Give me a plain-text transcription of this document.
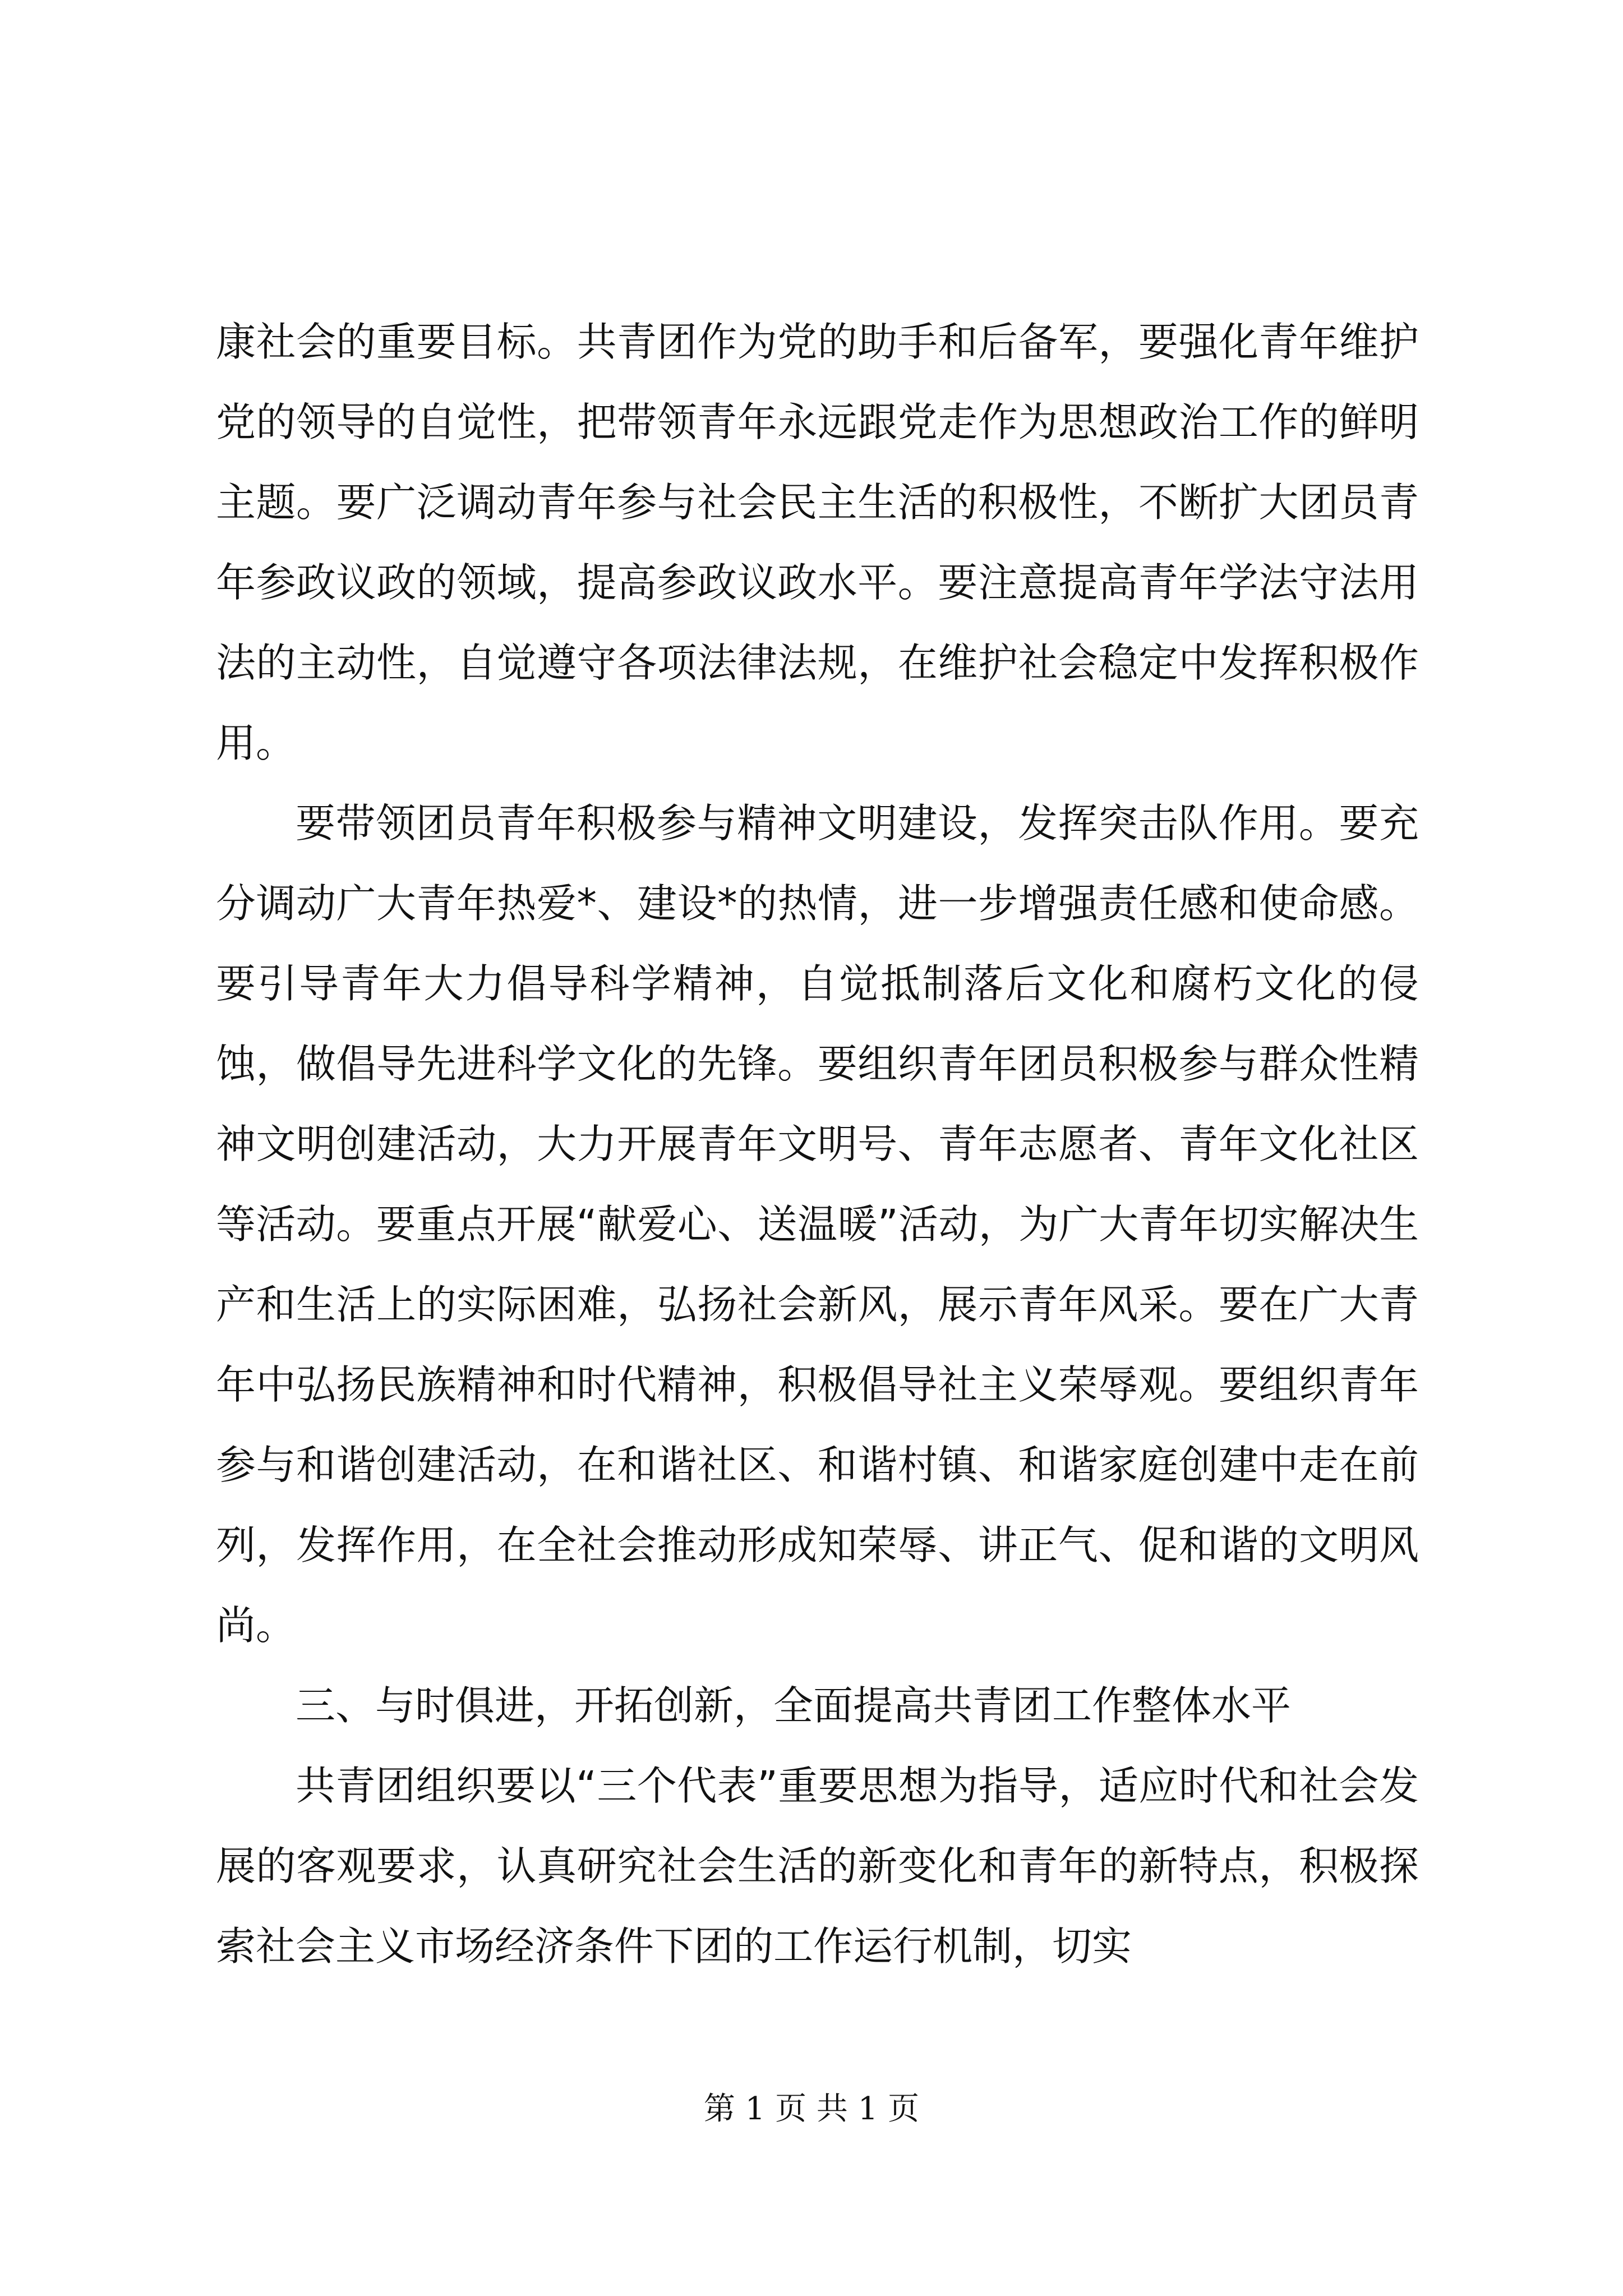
康社会的重要目标。共青团作为党的助手和后备军，要强化青年维护党的领导的自觉性，把带领青年永远跟党走作为思想政治工作的鲜明主题。要广泛调动青年参与社会民主生活的积极性，不断扩大团员青年参政议政的领域，提高参政议政水平。要注意提高青年学法守法用法的主动性，自觉遵守各项法律法规，在维护社会稳定中发挥积极作用。

要带领团员青年积极参与精神文明建设，发挥突击队作用。要充分调动广大青年热爱*、建设*的热情，进一步增强责任感和使命感。要引导青年大力倡导科学精神，自觉抵制落后文化和腐朽文化的侵蚀，做倡导先进科学文化的先锋。要组织青年团员积极参与群众性精神文明创建活动，大力开展青年文明号、青年志愿者、青年文化社区等活动。要重点开展“献爱心、送温暖”活动，为广大青年切实解决生产和生活上的实际困难，弘扬社会新风，展示青年风采。要在广大青年中弘扬民族精神和时代精神，积极倡导社主义荣辱观。要组织青年参与和谐创建活动，在和谐社区、和谐村镇、和谐家庭创建中走在前列，发挥作用，在全社会推动形成知荣辱、讲正气、促和谐的文明风尚。

三、与时俱进，开拓创新，全面提高共青团工作整体水平

共青团组织要以“三个代表”重要思想为指导，适应时代和社会发展的客观要求，认真研究社会生活的新变化和青年的新特点，积极探索社会主义市场经济条件下团的工作运行机制，切实

第 1 页 共 1 页
